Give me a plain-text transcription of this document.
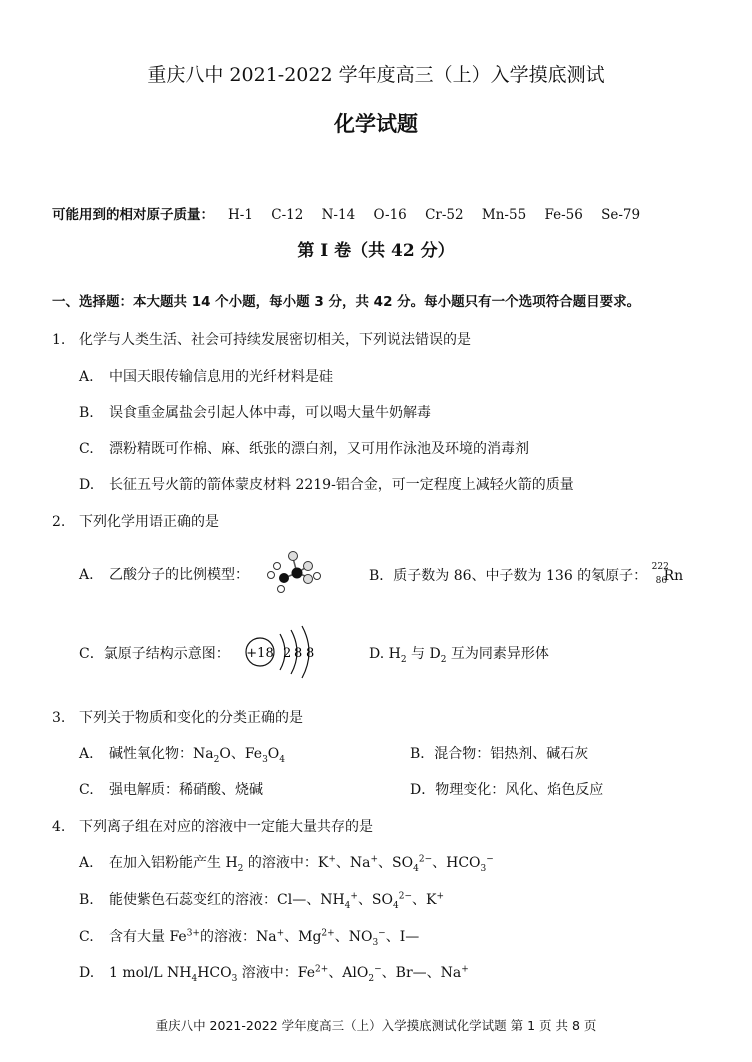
重庆八中 2021-2022 学年度高三（上）入学摸底测试
化学试题
可能用到的相对原子质量： H-1 C-12 N-14 O-16 Cr-52 Mn-55 Fe-56 Se-79
第 I 卷（共 42 分）
一、选择题：本大题共 14 个小题，每小题 3 分，共 42 分。每小题只有一个选项符合题目要求。
1. 化学与人类生活、社会可持续发展密切相关，下列说法错误的是
A. 中国天眼传输信息用的光纤材料是硅
B. 误食重金属盐会引起人体中毒，可以喝大量牛奶解毒
C. 漂粉精既可作棉、麻、纸张的漂白剂，又可用作泳池及环境的消毒剂
D. 长征五号火箭的箭体蒙皮材料 2219-铝合金，可一定程度上减轻火箭的质量
2. 下列化学用语正确的是
A. 乙酸分子的比例模型：	B．质子数为 86、中子数为 136 的氡原子：
222
86
Rn
C．氯原子结构示意图： +18 2 8 8	D. $H_2$ 与 $D_2$ 互为同素异形体
3. 下列关于物质和变化的分类正确的是
A. 碱性氧化物：$Na_2O$、$Fe_3O_4$	B．混合物：铝热剂、碱石灰
C. 强电解质：稀硝酸、烧碱	D．物理变化：风化、焰色反应
4. 下列离子组在对应的溶液中一定能大量共存的是
A. 在加入铝粉能产生 $H_2$ 的溶液中：K+、Na+、$SO_4^{2-}$、$HCO_3^-$
B. 能使紫色石蕊变红的溶液：Cl—、$NH_4^+$、$SO_4^{2-}$、K+
C. 含有大量 $Fe^{3+}$的溶液：Na+、$Mg^{2+}$、$NO_3^-$、I—
D. 1 mol/L $NH_4HCO_3$ 溶液中：$Fe^{2+}$、AlO$_2$−、Br—、Na+
重庆八中 2021-2022 学年度高三（上）入学摸底测试化学试题 第 1 页 共 8 页
